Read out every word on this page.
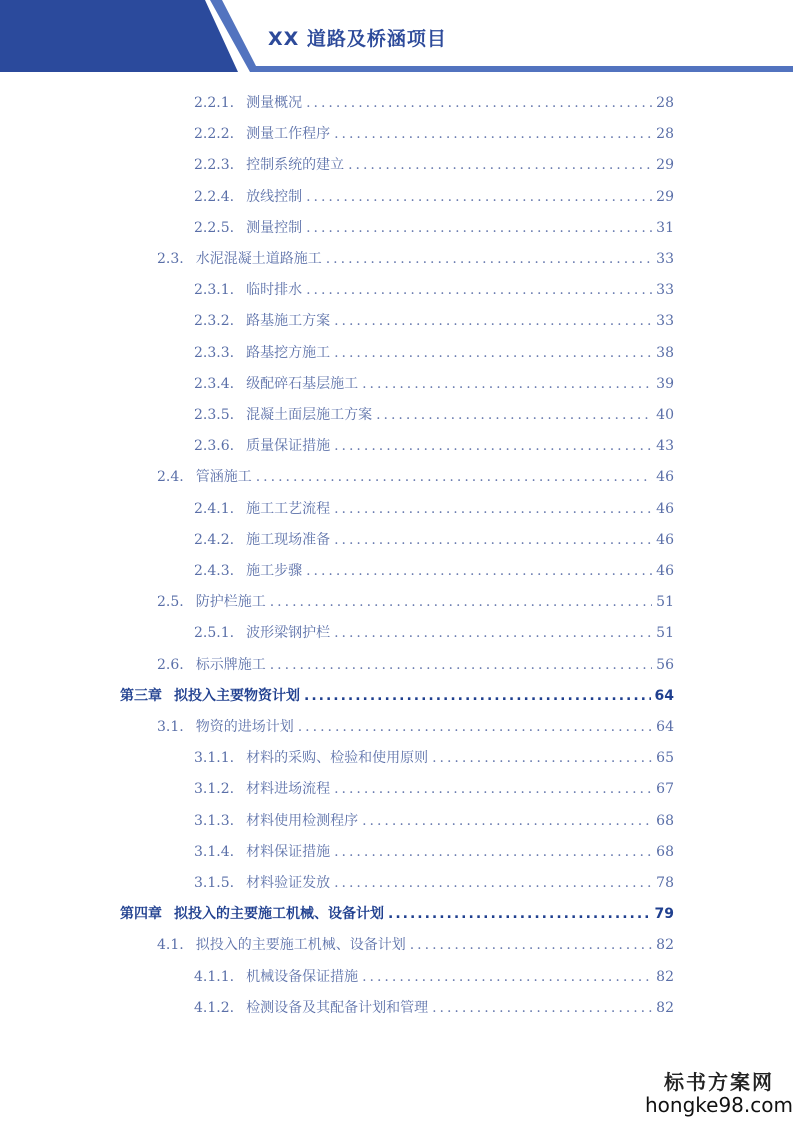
XX 道路及桥涵项目
2.2.1. 测量概况 .....	28
2.2.2. 测量工作程序 .....	28
2.2.3. 控制系统的建立 .....	29
2.2.4. 放线控制 .....	29
2.2.5. 测量控制 .....	31
2.3. 水泥混凝土道路施工 .....	33
2.3.1. 临时排水 .....	33
2.3.2. 路基施工方案 .....	33
2.3.3. 路基挖方施工 .....	38
2.3.4. 级配碎石基层施工 .....	39
2.3.5. 混凝土面层施工方案 .....	40
2.3.6. 质量保证措施 .....	43
2.4. 管涵施工 .....	46
2.4.1. 施工工艺流程 .....	46
2.4.2. 施工现场准备 .....	46
2.4.3. 施工步骤 .....	46
2.5. 防护栏施工 .....	51
2.5.1. 波形梁钢护栏 .....	51
2.6. 标示牌施工 .....	56
第三章 拟投入主要物资计划 .....	64
3.1. 物资的进场计划 .....	64
3.1.1. 材料的采购、检验和使用原则 .....	65
3.1.2. 材料进场流程 .....	67
3.1.3. 材料使用检测程序 .....	68
3.1.4. 材料保证措施 .....	68
3.1.5. 材料验证发放 .....	78
第四章 拟投入的主要施工机械、设备计划 .....	79
4.1. 拟投入的主要施工机械、设备计划 .....	82
4.1.1. 机械设备保证措施 .....	82
4.1.2. 检测设备及其配备计划和管理 .....	82
标书方案网
hongke98.com
